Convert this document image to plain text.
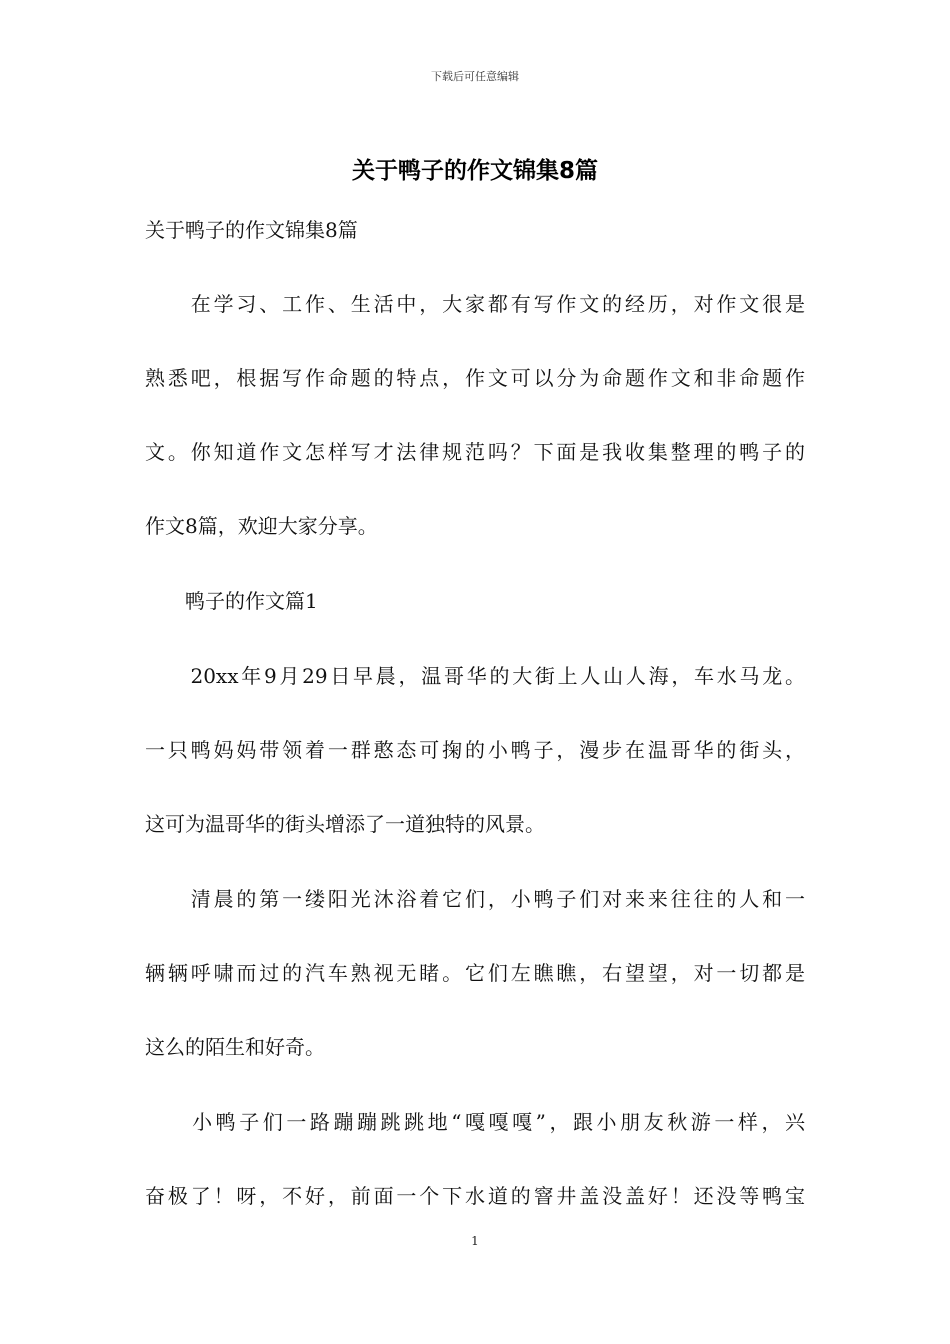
下载后可任意编辑
关于鸭子的作文锦集8篇
关于鸭子的作文锦集8篇
　　在学习、工作、生活中，大家都有写作文的经历，对作文很是
熟悉吧，根据写作命题的特点，作文可以分为命题作文和非命题作
文。你知道作文怎样写才法律规范吗？下面是我收集整理的鸭子的
作文8篇，欢迎大家分享。
　　鸭子的作文篇1
　　20xx年9月29日早晨，温哥华的大街上人山人海，车水马龙。
一只鸭妈妈带领着一群憨态可掬的小鸭子，漫步在温哥华的街头，
这可为温哥华的街头增添了一道独特的风景。
　　清晨的第一缕阳光沐浴着它们，小鸭子们对来来往往的人和一
辆辆呼啸而过的汽车熟视无睹。它们左瞧瞧，右望望，对一切都是
这么的陌生和好奇。
　　小鸭子们一路蹦蹦跳跳地“嘎嘎嘎”，跟小朋友秋游一样，兴
奋极了！呀，不好，前面一个下水道的窨井盖没盖好！还没等鸭宝
1
